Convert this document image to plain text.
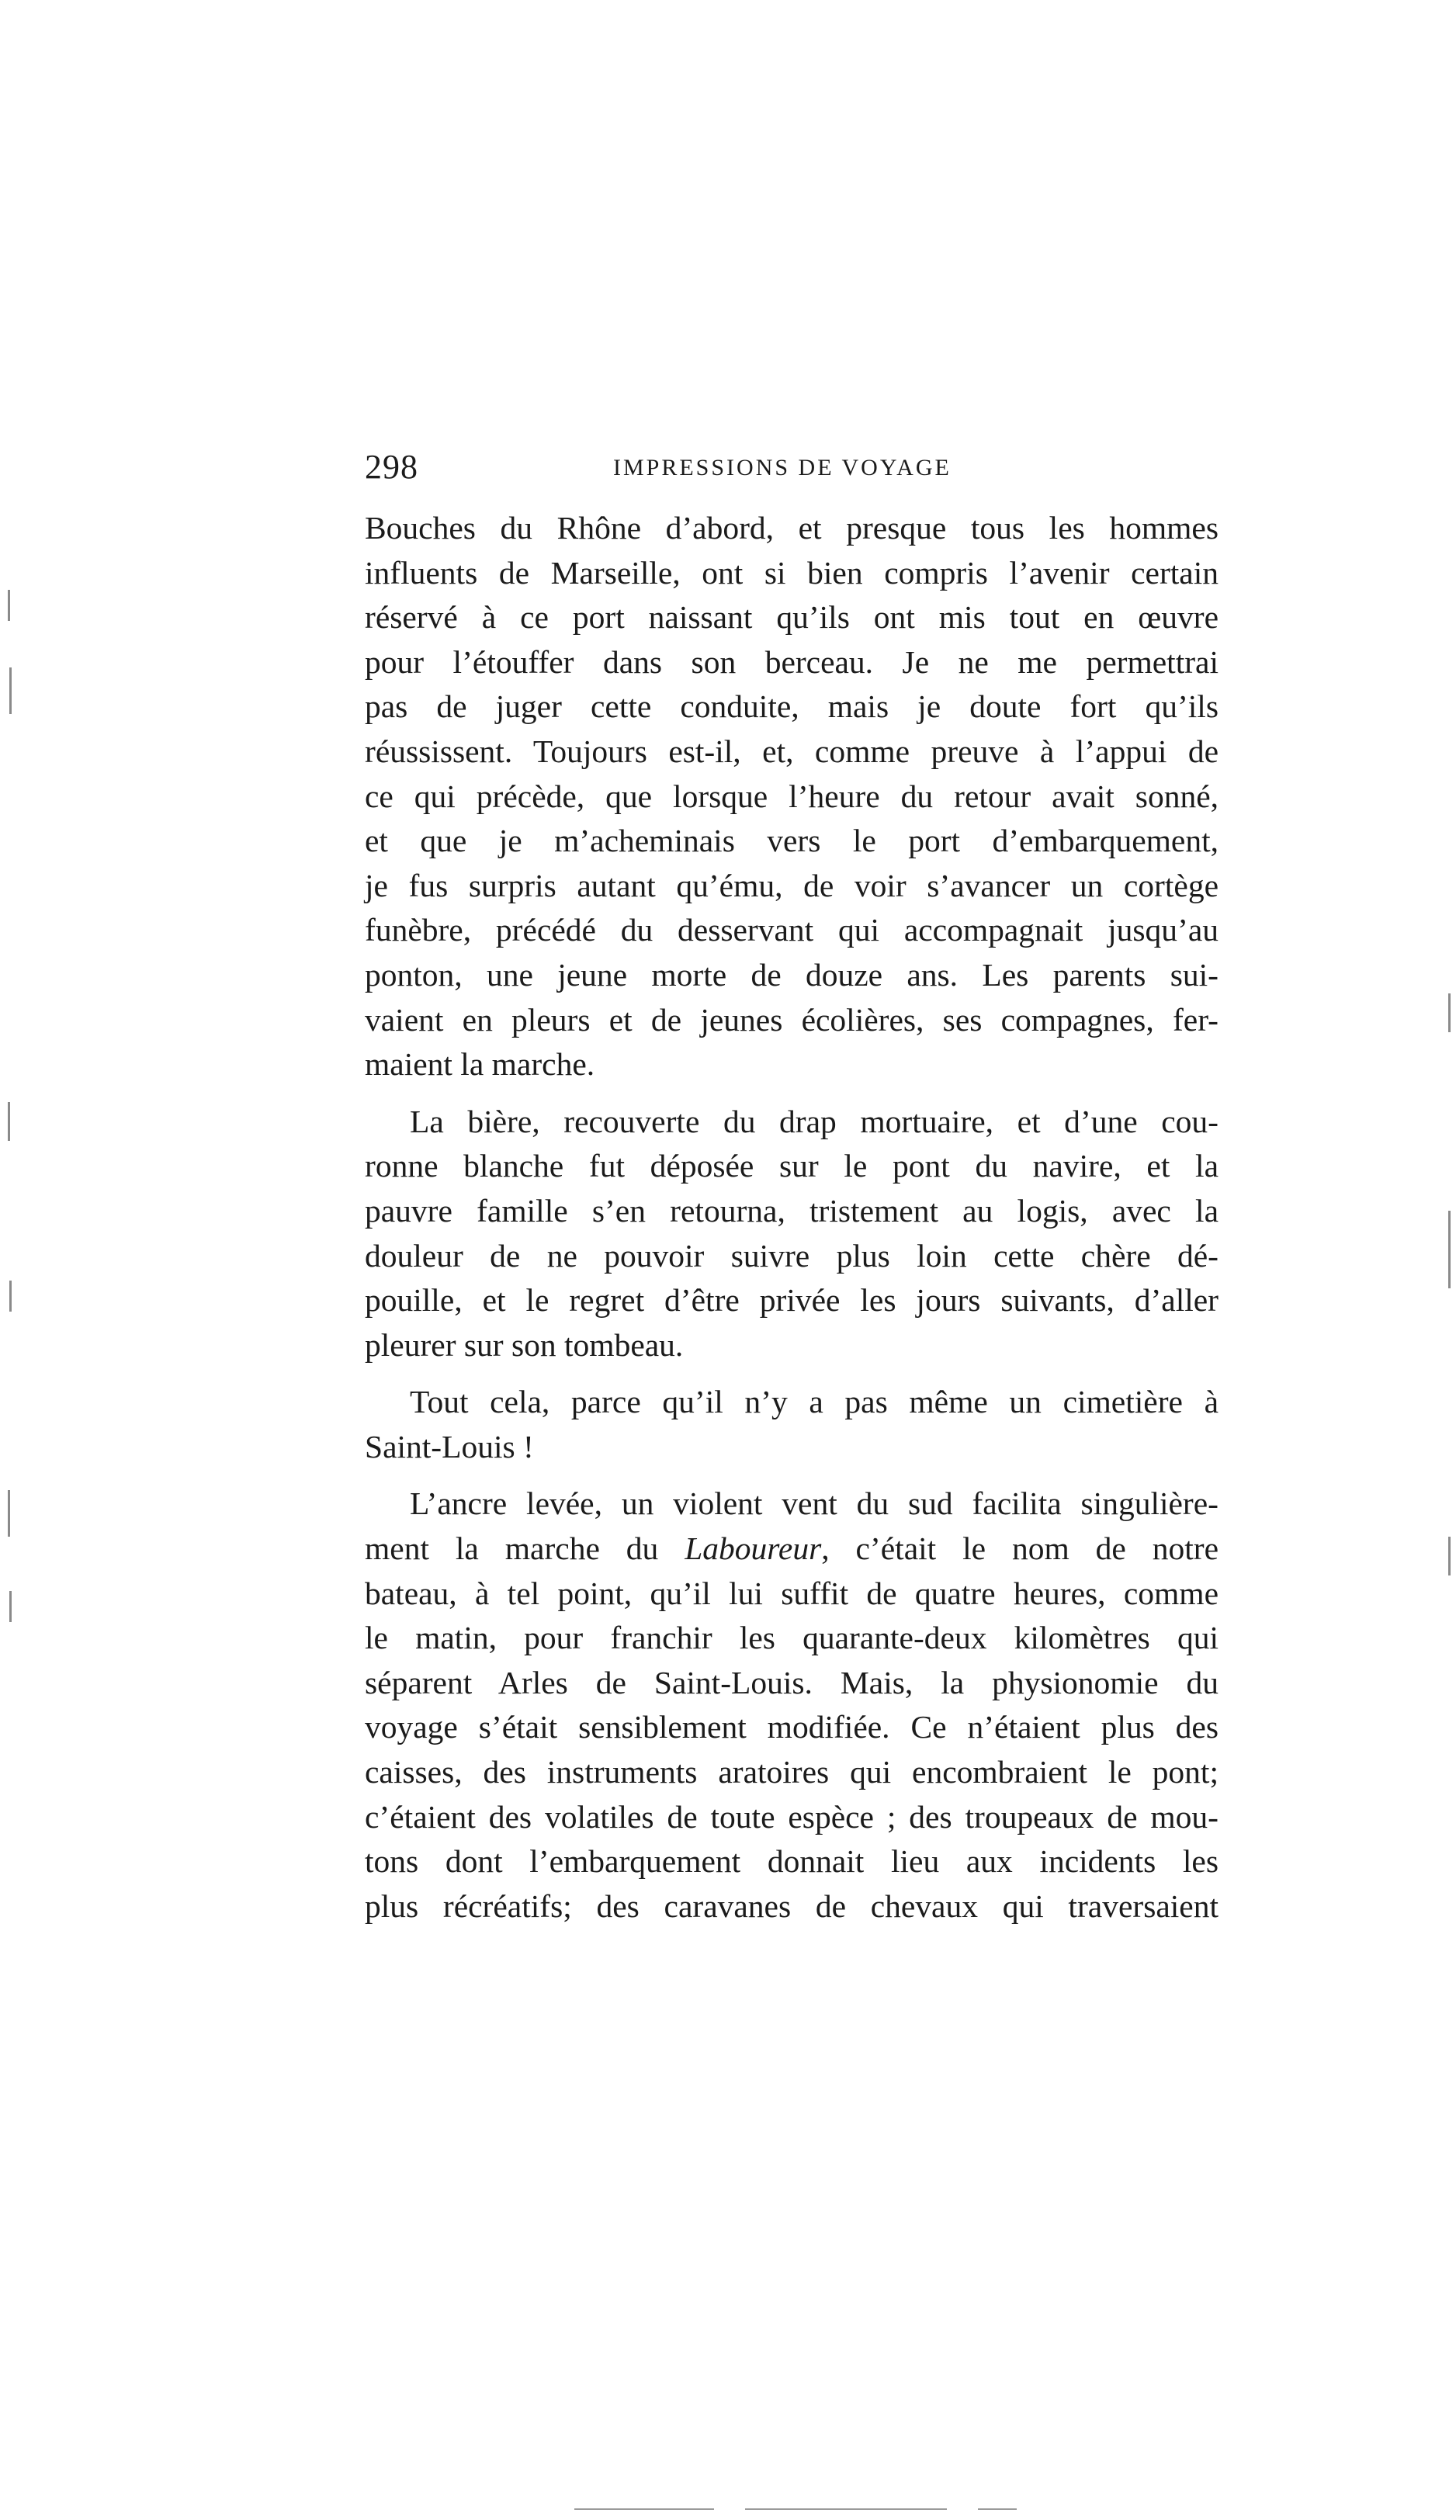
298	IMPRESSIONS DE VOYAGE

Bouches du Rhône d’abord, et presque tous les hommes
influents de Marseille, ont si bien compris l’avenir certain
réservé à ce port naissant qu’ils ont mis tout en œuvre
pour l’étouffer dans son berceau. Je ne me permettrai
pas de juger cette conduite, mais je doute fort qu’ils
réussissent. Toujours est-il, et, comme preuve à l’appui de
ce qui précède, que lorsque l’heure du retour avait sonné,
et que je m’acheminais vers le port d’embarquement,
je fus surpris autant qu’ému, de voir s’avancer un cortège
funèbre, précédé du desservant qui accompagnait jusqu’au
ponton, une jeune morte de douze ans. Les parents sui-
vaient en pleurs et de jeunes écolières, ses compagnes, fer-
maient la marche.

La bière, recouverte du drap mortuaire, et d’une cou-
ronne blanche fut déposée sur le pont du navire, et la
pauvre famille s’en retourna, tristement au logis, avec la
douleur de ne pouvoir suivre plus loin cette chère dé-
pouille, et le regret d’être privée les jours suivants, d’aller
pleurer sur son tombeau.

Tout cela, parce qu’il n’y a pas même un cimetière à
Saint-Louis !

L’ancre levée, un violent vent du sud facilita singulière-
ment la marche du Laboureur, c’était le nom de notre
bateau, à tel point, qu’il lui suffit de quatre heures, comme
le matin, pour franchir les quarante-deux kilomètres qui
séparent Arles de Saint-Louis. Mais, la physionomie du
voyage s’était sensiblement modifiée. Ce n’étaient plus des
caisses, des instruments aratoires qui encombraient le pont;
c’étaient des volatiles de toute espèce ; des troupeaux de mou-
tons dont l’embarquement donnait lieu aux incidents les
plus récréatifs; des caravanes de chevaux qui traversaient
